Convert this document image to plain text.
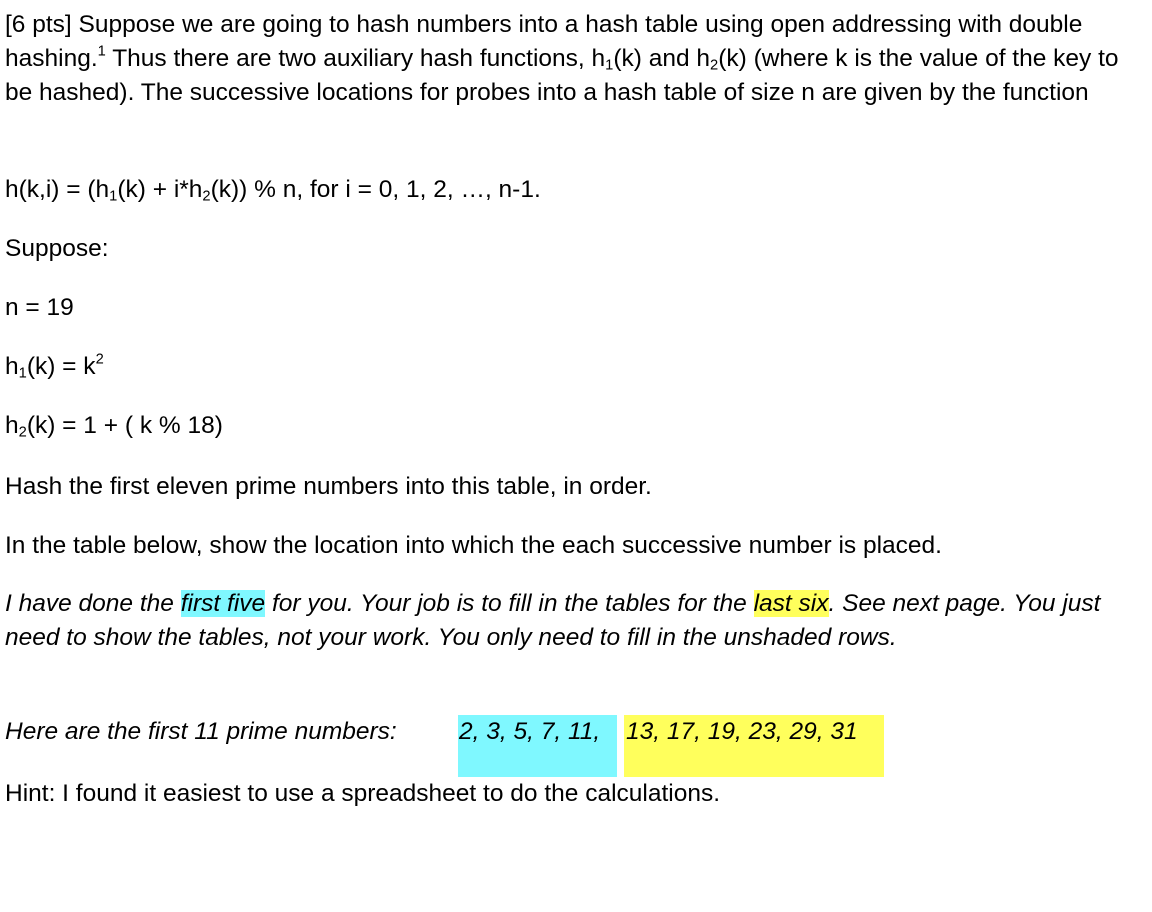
[6 pts] Suppose we are going to hash numbers into a hash table using open addressing with double hashing.$^1$ Thus there are two auxiliary hash functions, $h_1(k)$ and $h_2(k)$ (where k is the value of the key to be hashed). The successive locations for probes into a hash table of size n are given by the function

$h(k,i) = (h_1(k) + i*h_2(k))$ % n, for i = 0, 1, 2, …, n-1.

Suppose:

n = 19

$h_1(k) = k^2$

$h_2(k) = 1$ + ( k % 18)

Hash the first eleven prime numbers into this table, in order.

In the table below, show the location into which the each successive number is placed.

I have done the first five for you. Your job is to fill in the tables for the last six. See next page. You just need to show the tables, not your work. You only need to fill in the unshaded rows.

Here are the first 11 prime numbers:	2, 3, 5, 7, 11, 13, 17, 19, 23, 29, 31

Hint: I found it easiest to use a spreadsheet to do the calculations.
